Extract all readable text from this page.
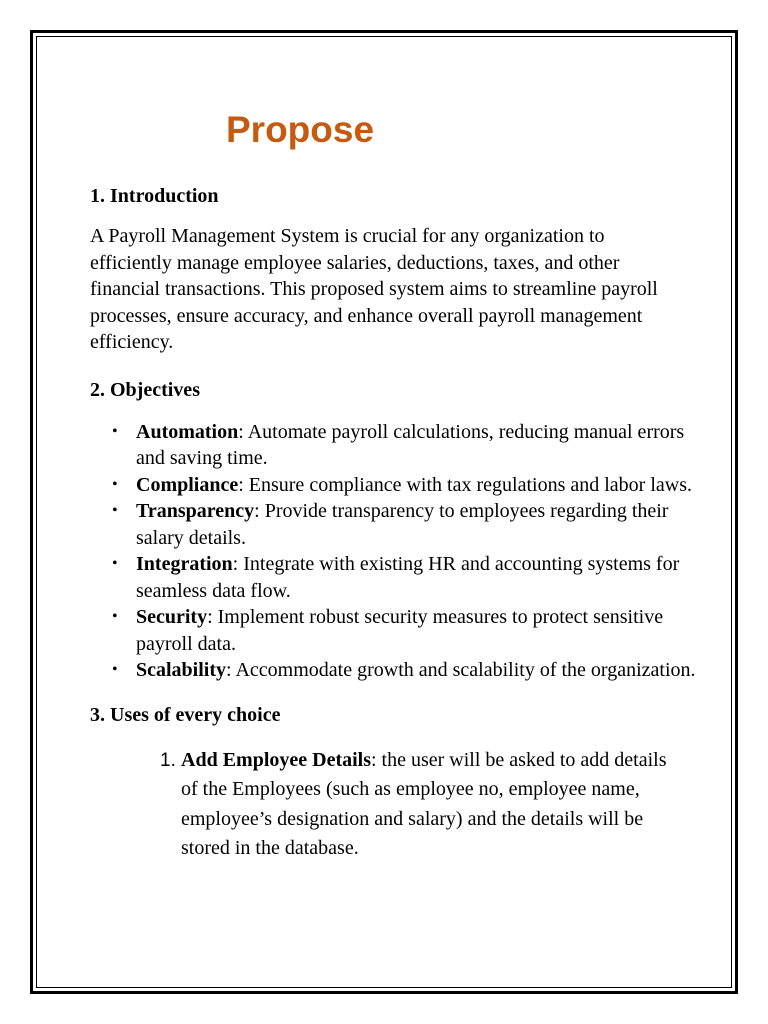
Propose
1. Introduction

A Payroll Management System is crucial for any organization to efficiently manage employee salaries, deductions, taxes, and other financial transactions. This proposed system aims to streamline payroll processes, ensure accuracy, and enhance overall payroll management efficiency.

2. Objectives
• Automation: Automate payroll calculations, reducing manual errors and saving time.
• Compliance: Ensure compliance with tax regulations and labor laws.
• Transparency: Provide transparency to employees regarding their salary details.
• Integration: Integrate with existing HR and accounting systems for seamless data flow.
• Security: Implement robust security measures to protect sensitive payroll data.
• Scalability: Accommodate growth and scalability of the organization.
3. Uses of every choice
1. Add Employee Details: the user will be asked to add details of the Employees (such as employee no, employee name, employee’s designation and salary) and the details will be stored in the database.
